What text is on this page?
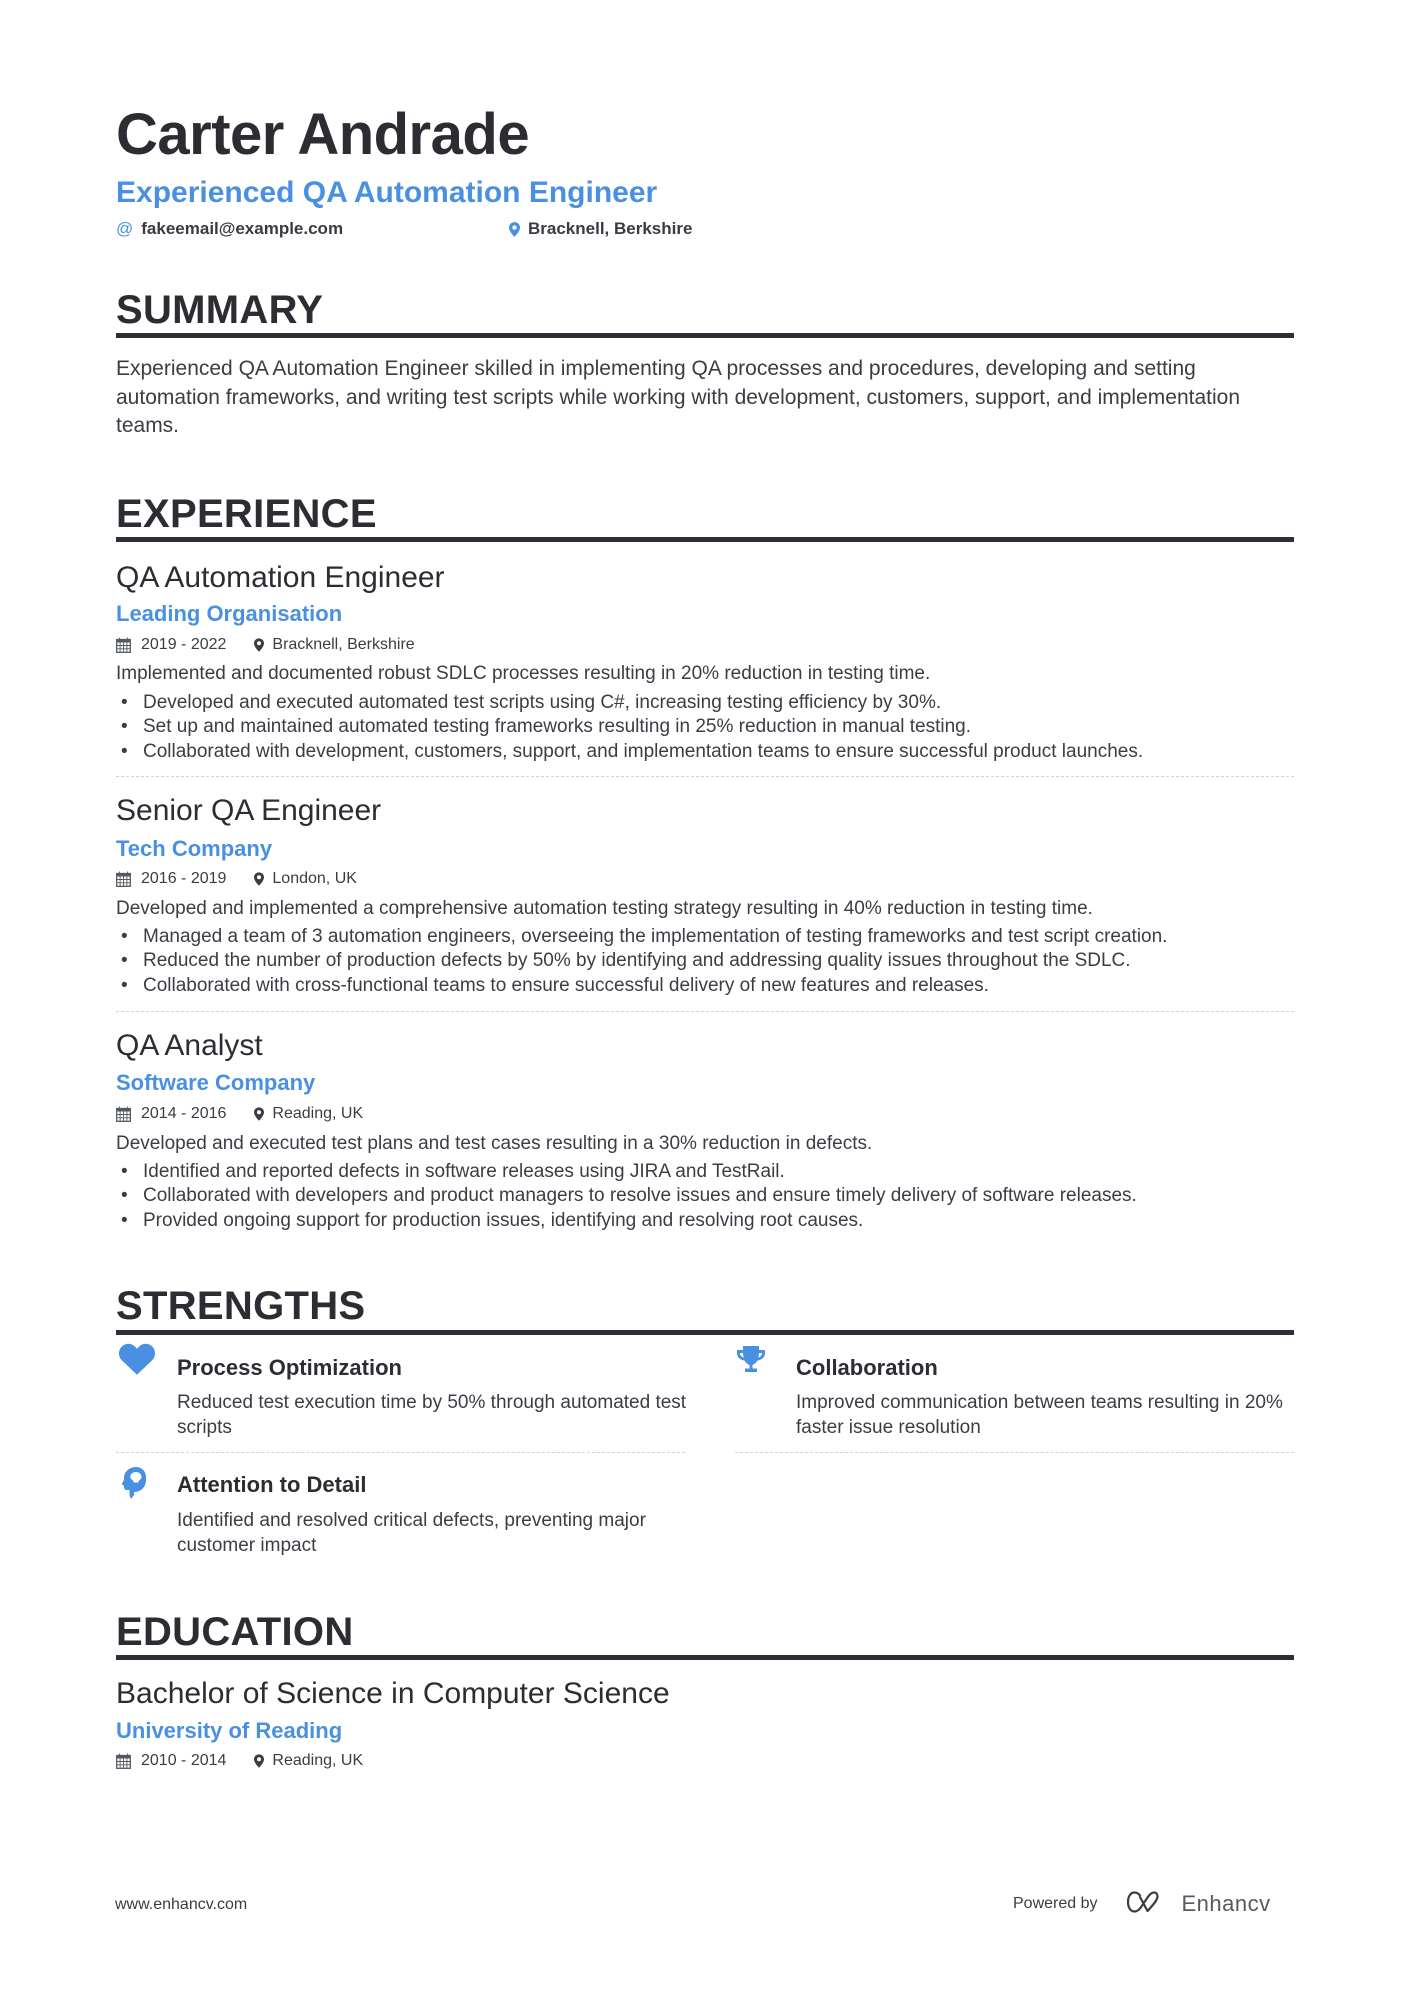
Carter Andrade
Experienced QA Automation Engineer
@ fakeemail@example.com	Bracknell, Berkshire
SUMMARY
Experienced QA Automation Engineer skilled in implementing QA processes and procedures, developing and setting automation frameworks, and writing test scripts while working with development, customers, support, and implementation teams.
EXPERIENCE
QA Automation Engineer
Leading Organisation
2019 - 2022	Bracknell, Berkshire
Implemented and documented robust SDLC processes resulting in 20% reduction in testing time.
• Developed and executed automated test scripts using C#, increasing testing efficiency by 30%.
• Set up and maintained automated testing frameworks resulting in 25% reduction in manual testing.
• Collaborated with development, customers, support, and implementation teams to ensure successful product launches.
Senior QA Engineer
Tech Company
2016 - 2019	London, UK
Developed and implemented a comprehensive automation testing strategy resulting in 40% reduction in testing time.
• Managed a team of 3 automation engineers, overseeing the implementation of testing frameworks and test script creation.
• Reduced the number of production defects by 50% by identifying and addressing quality issues throughout the SDLC.
• Collaborated with cross-functional teams to ensure successful delivery of new features and releases.
QA Analyst
Software Company
2014 - 2016	Reading, UK
Developed and executed test plans and test cases resulting in a 30% reduction in defects.
• Identified and reported defects in software releases using JIRA and TestRail.
• Collaborated with developers and product managers to resolve issues and ensure timely delivery of software releases.
• Provided ongoing support for production issues, identifying and resolving root causes.
STRENGTHS
Process Optimization
Reduced test execution time by 50% through automated test scripts
Collaboration
Improved communication between teams resulting in 20% faster issue resolution
Attention to Detail
Identified and resolved critical defects, preventing major customer impact
EDUCATION
Bachelor of Science in Computer Science
University of Reading
2010 - 2014	Reading, UK
www.enhancv.com	Powered by	Enhancv
